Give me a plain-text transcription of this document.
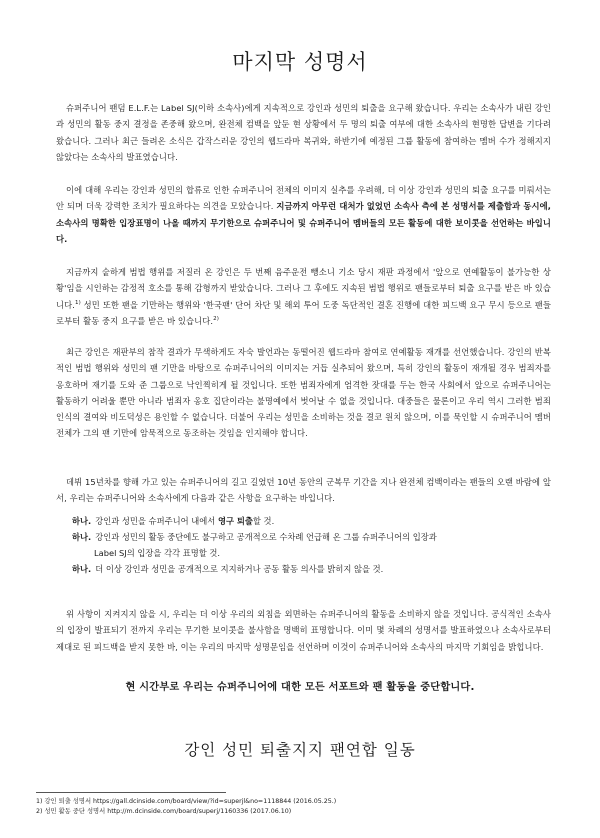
마지막 성명서

슈퍼주니어 팬덤 E.L.F.는 Label SJ(이하 소속사)에게 지속적으로 강인과 성민의 퇴출을 요구해 왔습니다. 우리는 소속사가 내린 강인과 성민의 활동 중지 결정을 존중해 왔으며, 완전체 컴백을 앞둔 현 상황에서 두 명의 퇴출 여부에 대한 소속사의 현명한 답변을 기다려 왔습니다. 그러나 최근 들려온 소식은 갑작스러운 강인의 웹드라마 복귀와, 하반기에 예정된 그룹 활동에 참여하는 멤버 수가 정해지지 않았다는 소속사의 발표였습니다.

이에 대해 우리는 강인과 성민의 합류로 인한 슈퍼주니어 전체의 이미지 실추를 우려해, 더 이상 강인과 성민의 퇴출 요구를 미뤄서는 안 되며 더욱 강력한 조치가 필요하다는 의견을 모았습니다. 지금까지 아무런 대처가 없었던 소속사 측에 본 성명서를 제출함과 동시에, 소속사의 명확한 입장표명이 나올 때까지 무기한으로 슈퍼주니어 및 슈퍼주니어 멤버들의 모든 활동에 대한 보이콧을 선언하는 바입니다.

지금까지 숱하게 범법 행위를 저질러 온 강인은 두 번째 음주운전 뺑소니 기소 당시 재판 과정에서 '앞으로 연예활동이 불가능한 상황'임을 시인하는 감정적 호소를 통해 감형까지 받았습니다. 그러나 그 후에도 지속된 범법 행위로 팬들로부터 퇴출 요구를 받은 바 있습니다.$^{1)}$ 성민 또한 팬을 기만하는 행위와 '한국팬' 단어 차단 및 해외 투어 도중 독단적인 결혼 진행에 대한 피드백 요구 무시 등으로 팬들로부터 활동 중지 요구를 받은 바 있습니다.$^{2)}$

최근 강인은 재판부의 참작 결과가 무색하게도 자숙 발언과는 동떨어진 웹드라마 참여로 연예활동 재개를 선언했습니다. 강인의 반복적인 범법 행위와 성민의 팬 기만을 바탕으로 슈퍼주니어의 이미지는 거듭 실추되어 왔으며, 특히 강인의 활동이 재개될 경우 범죄자를 옹호하며 재기를 도와 준 그룹으로 낙인찍히게 될 것입니다. 또한 범죄자에게 엄격한 잣대를 두는 한국 사회에서 앞으로 슈퍼주니어는 활동하기 어려울 뿐만 아니라 범죄자 옹호 집단이라는 불명예에서 벗어날 수 없을 것입니다. 대중들은 물론이고 우리 역시 그러한 범죄 인식의 결여와 비도덕성은 용인할 수 없습니다. 더불어 우리는 성민을 소비하는 것을 결코 원치 않으며, 이를 묵인할 시 슈퍼주니어 멤버 전체가 그의 팬 기만에 암묵적으로 동조하는 것임을 인지해야 합니다.

데뷔 15년차를 향해 가고 있는 슈퍼주니어의 길고 길었던 10년 동안의 군복무 기간을 지나 완전체 컴백이라는 팬들의 오랜 바람에 앞서, 우리는 슈퍼주니어와 소속사에게 다음과 같은 사항을 요구하는 바입니다.

하나. 강인과 성민을 슈퍼주니어 내에서 영구 퇴출할 것.
하나. 강인과 성민의 활동 중단에도 불구하고 공개적으로 수차례 언급해 온 그룹 슈퍼주니어의 입장과
Label SJ의 입장을 각각 표명할 것.
하나. 더 이상 강인과 성민을 공개적으로 지지하거나 공동 활동 의사를 밝히지 않을 것.

위 사항이 지켜지지 않을 시, 우리는 더 이상 우리의 외침을 외면하는 슈퍼주니어의 활동을 소비하지 않을 것입니다. 공식적인 소속사의 입장이 발표되기 전까지 우리는 무기한 보이콧을 불사함을 명백히 표명합니다. 이미 몇 차례의 성명서를 발표하였으나 소속사로부터 제대로 된 피드백을 받지 못한 바, 이는 우리의 마지막 성명문임을 선언하며 이것이 슈퍼주니어와 소속사의 마지막 기회임을 밝힙니다.

현 시간부로 우리는 슈퍼주니어에 대한 모든 서포트와 팬 활동을 중단합니다.
강인 성민 퇴출지지 팬연합 일동
1) 강인 퇴출 성명서 https://gall.dcinside.com/board/view/?id=superjl&no=1118844 (2016.05.25.)
2) 성민 활동 중단 성명서 http://m.dcinside.com/board/superj/1160336 (2017.06.10)
